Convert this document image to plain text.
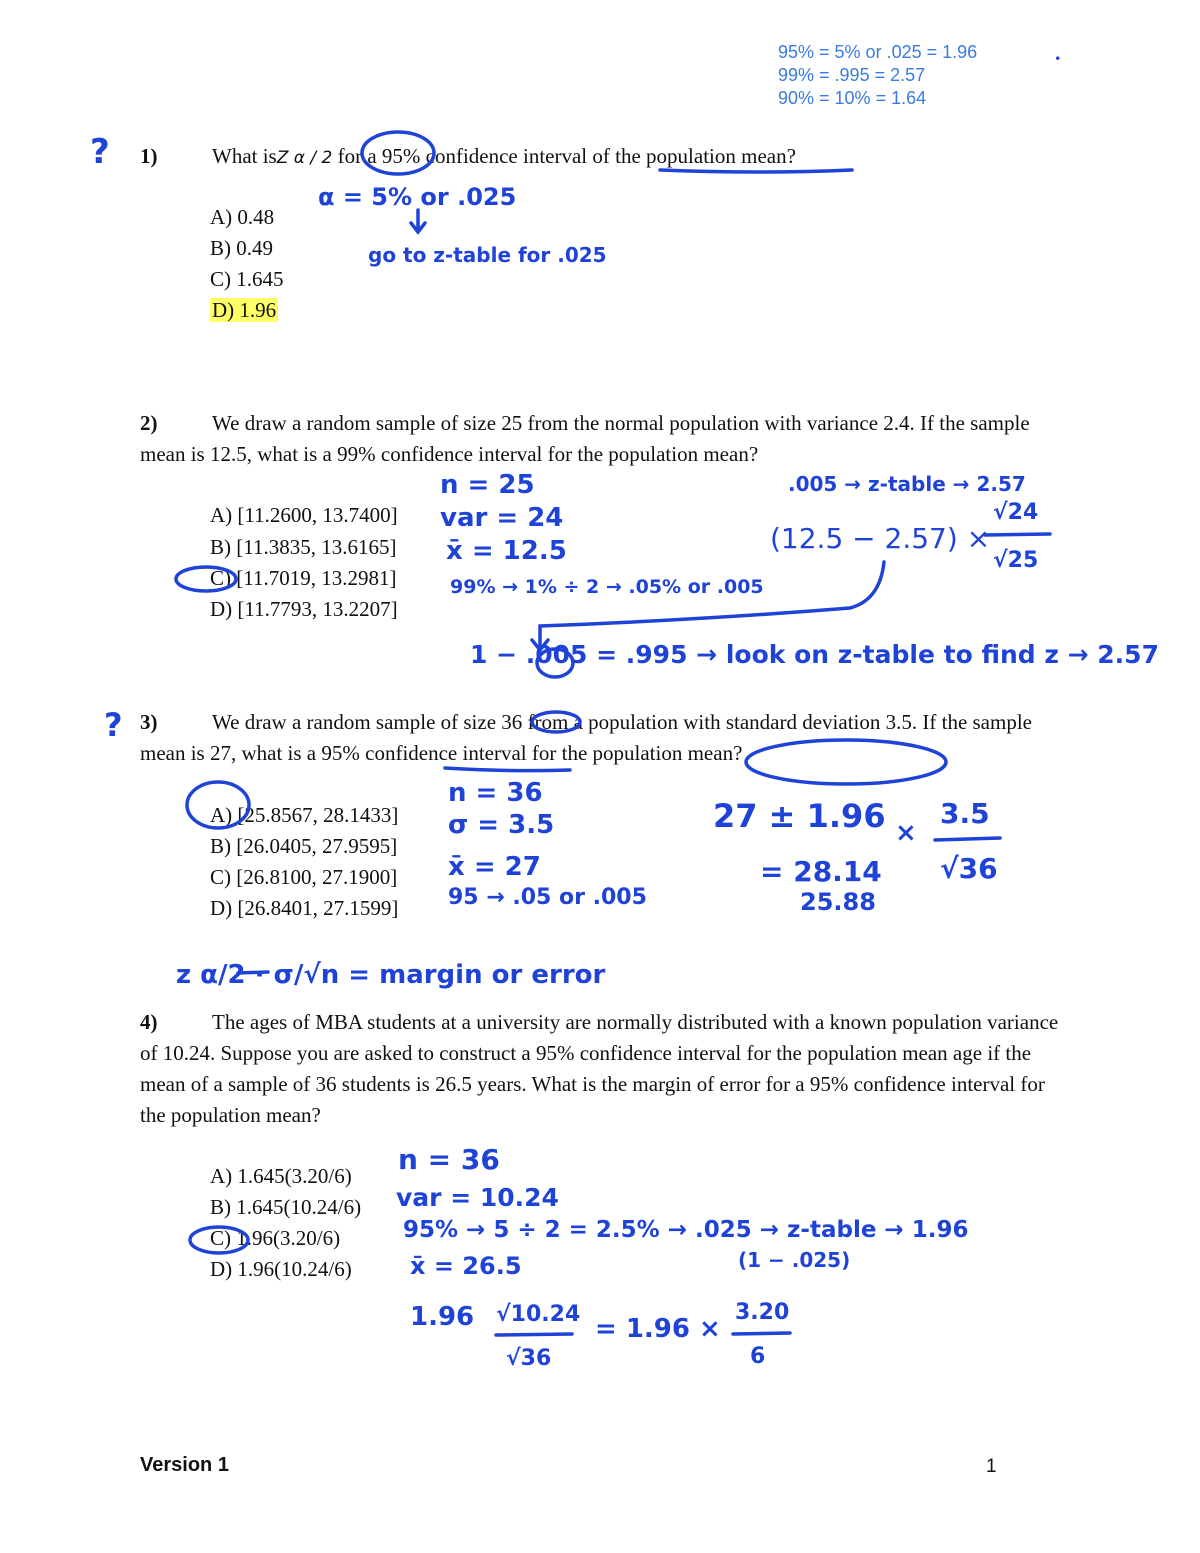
95% = 5% or .025 = 1.96
99% = .995 = 2.57
90% = 10% = 1.64
.
? 1)	What isZ α / 2 for a 95% confidence interval of the population mean?
A) 0.48
B) 0.49
C) 1.645
D) 1.96
α = 5% or .025
go to z-table for .025
2)	We draw a random sample of size 25 from the normal population with variance 2.4. If the sample mean is 12.5, what is a 99% confidence interval for the population mean?
A) [11.2600, 13.7400]
B) [11.3835, 13.6165]
C) [11.7019, 13.2981]
D) [11.7793, 13.2207]
n = 25
var = 24
x̄ = 12.5
99% → 1% ÷ 2 → .05% or .005
.005 → z-table → 2.57
(12.5 − 2.57) ×
√24
√25
1 − .005 = .995 → look on z-table to find z → 2.57
? 3)	We draw a random sample of size 36 from a population with standard deviation 3.5. If the sample mean is 27, what is a 95% confidence interval for the population mean?
A) [25.8567, 28.1433]
B) [26.0405, 27.9595]
C) [26.8100, 27.1900]
D) [26.8401, 27.1599]
n = 36
σ = 3.5
x̄ = 27
95 → .05 or .005
27 ± 1.96 ×
3.5
√36
= 28.14
25.88
z α/2 · σ/√n = margin or error
4)	The ages of MBA students at a university are normally distributed with a known population variance of 10.24. Suppose you are asked to construct a 95% confidence interval for the population mean age if the mean of a sample of 36 students is 26.5 years. What is the margin of error for a 95% confidence interval for the population mean?
A) 1.645(3.20/6)
B) 1.645(10.24/6)
C) 1.96(3.20/6)
D) 1.96(10.24/6)
n = 36
var = 10.24
95% → 5 ÷ 2 = 2.5% → .025 → z-table → 1.96
(1 − .025)
x̄ = 26.5
1.96 √10.24
√36
= 1.96 ×
3.20
6
Version 1	1
